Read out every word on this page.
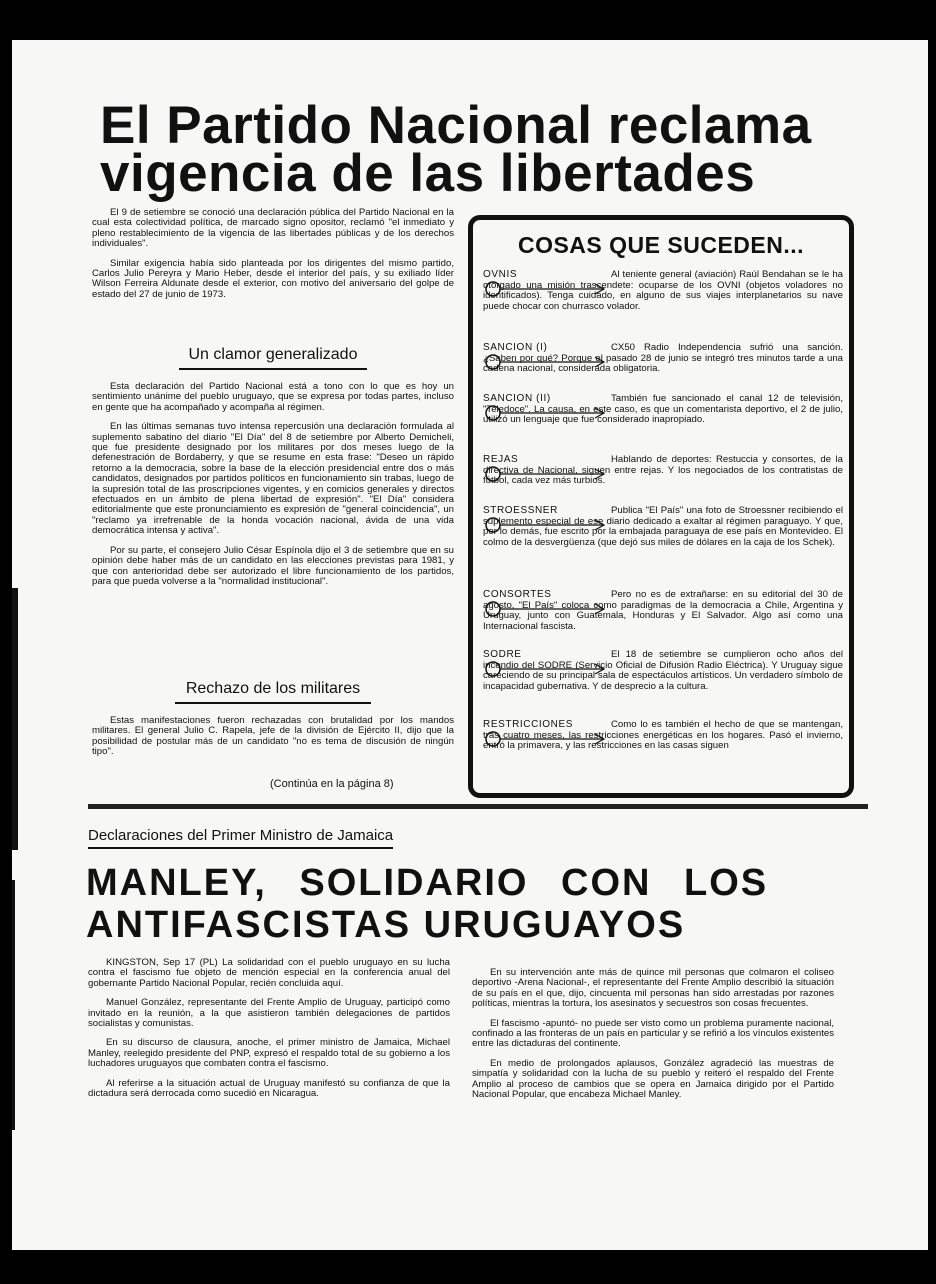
El Partido Nacional reclama vigencia de las libertades

El 9 de setiembre se conoció una declaración pública del Partido Nacional en la cual esta colectividad política, de marcado signo opositor, reclamó "el inmediato y pleno restablecimiento de la vigencia de las libertades públicas y de los derechos individuales".

Similar exigencia había sido planteada por los dirigentes del mismo partido, Carlos Julio Pereyra y Mario Heber, desde el interior del país, y su exiliado líder Wilson Ferreira Aldunate desde el exterior, con motivo del aniversario del golpe de estado del 27 de junio de 1973.

Un clamor generalizado

Esta declaración del Partido Nacional está a tono con lo que es hoy un sentimiento unánime del pueblo uruguayo, que se expresa por todas partes, incluso en gente que ha acompañado y acompaña al régimen.

En las últimas semanas tuvo intensa repercusión una declaración formulada al suplemento sabatino del diario "El Día" del 8 de setiembre por Alberto Demicheli, que fue presidente designado por los militares por dos meses luego de la defenestración de Bordaberry, y que se resume en esta frase: "Deseo un rápido retorno a la democracia, sobre la base de la elección presidencial entre dos o más candidatos, designados por partidos políticos en funcionamiento sin trabas, luego de la supresión total de las proscripciones vigentes, y en comicios generales y directos efectuados en un ámbito de plena libertad de expresión". "El Día" considera editorialmente que este pronunciamiento es expresión de "general coincidencia", un "reclamo ya irrefrenable de la honda vocación nacional, ávida de una vida democrática intensa y activa".

Por su parte, el consejero Julio César Espínola dijo el 3 de setiembre que en su opinión debe haber más de un candidato en las elecciones previstas para 1981, y que con anterioridad debe ser autorizado el libre funcionamiento de los partidos, para que pueda volverse a la "normalidad institucional".

Rechazo de los militares

Estas manifestaciones fueron rechazadas con brutalidad por los mandos militares. El general Julio C. Rapela, jefe de la división de Ejército II, dijo que la posibilidad de postular más de un candidato "no es tema de discusión de ningún tipo".

(Continúa en la página 8)
COSAS QUE SUCEDEN...
OVNIS	Al teniente general (aviación) Raúl Bendahan se le ha otorgado una misión trascendete: ocuparse de los OVNI (objetos voladores no identificados). Tenga cuidado, en alguno de sus viajes interplanetarios su nave puede chocar con churrasco volador.
SANCION (I)	CX50 Radio Independencia sufrió una sanción. ¿Saben por qué? Porque el pasado 28 de junio se integró tres minutos tarde a una cadena nacional, considerada obligatoria.
SANCION (II)	También fue sancionado el canal 12 de televisión, "Teledoce". La causa, en este caso, es que un comentarista deportivo, el 2 de julio, utilizó un lenguaje que fue considerado inapropiado.
REJAS	Hablando de deportes: Restuccia y consortes, de la directiva de Nacional, siguen entre rejas. Y los negociados de los contratistas de fútbol, cada vez más turbios.
STROESSNER	Publica "El País" una foto de Stroessner recibiendo el suplemento especial de ese diario dedicado a exaltar al régimen paraguayo. Y que, por lo demás, fue escrito por la embajada paraguaya de ese país en Montevideo. El colmo de la desvergüenza (que dejó sus miles de dólares en la caja de los Schek).
CONSORTES	Pero no es de extrañarse: en su editorial del 30 de agosto, "El País" coloca como paradigmas de la democracia a Chile, Argentina y Uruguay, junto con Guatemala, Honduras y El Salvador. Algo así como una Internacional fascista.
SODRE	El 18 de setiembre se cumplieron ocho años del incendio del SODRE (Servicio Oficial de Difusión Radio Eléctrica). Y Uruguay sigue careciendo de su principal sala de espectáculos artísticos. Un verdadero símbolo de incapacidad gubernativa. Y de desprecio a la cultura.
RESTRICCIONES	Como lo es también el hecho de que se mantengan, tras cuatro meses, las restricciones energéticas en los hogares. Pasó el invierno, entró la primavera, y las restricciones en las casas siguen
Declaraciones del Primer Ministro de Jamaica
MANLEY, SOLIDARIO CON LOS
ANTIFASCISTAS URUGUAYOS

KINGSTON, Sep 17 (PL) La solidaridad con el pueblo uruguayo en su lucha contra el fascismo fue objeto de mención especial en la conferencia anual del gobernante Partido Nacional Popular, recién concluida aquí.

Manuel González, representante del Frente Amplio de Uruguay, participó como invitado en la reunión, a la que asistieron también delegaciones de partidos socialistas y comunistas.

En su discurso de clausura, anoche, el primer ministro de Jamaica, Michael Manley, reelegido presidente del PNP, expresó el respaldo total de su gobierno a los luchadores uruguayos que combaten contra el fascismo.

Al referirse a la situación actual de Uruguay manifestó su confianza de que la dictadura será derrocada como sucedió en Nicaragua.

En su intervención ante más de quince mil personas que colmaron el coliseo deportivo -Arena Nacional-, el representante del Frente Amplio describió la situación de su país en el que, dijo, cincuenta mil personas han sido arrestadas por razones políticas, mientras la tortura, los asesinatos y secuestros son cosas frecuentes.

El fascismo -apuntó- no puede ser visto como un problema puramente nacional, confinado a las fronteras de un país en particular y se refirió a los vínculos existentes entre las dictaduras del continente.

En medio de prolongados aplausos, González agradeció las muestras de simpatía y solidaridad con la lucha de su pueblo y reiteró el respaldo del Frente Amplio al proceso de cambios que se opera en Jamaica dirigido por el Partido Nacional Popular, que encabeza Michael Manley.
